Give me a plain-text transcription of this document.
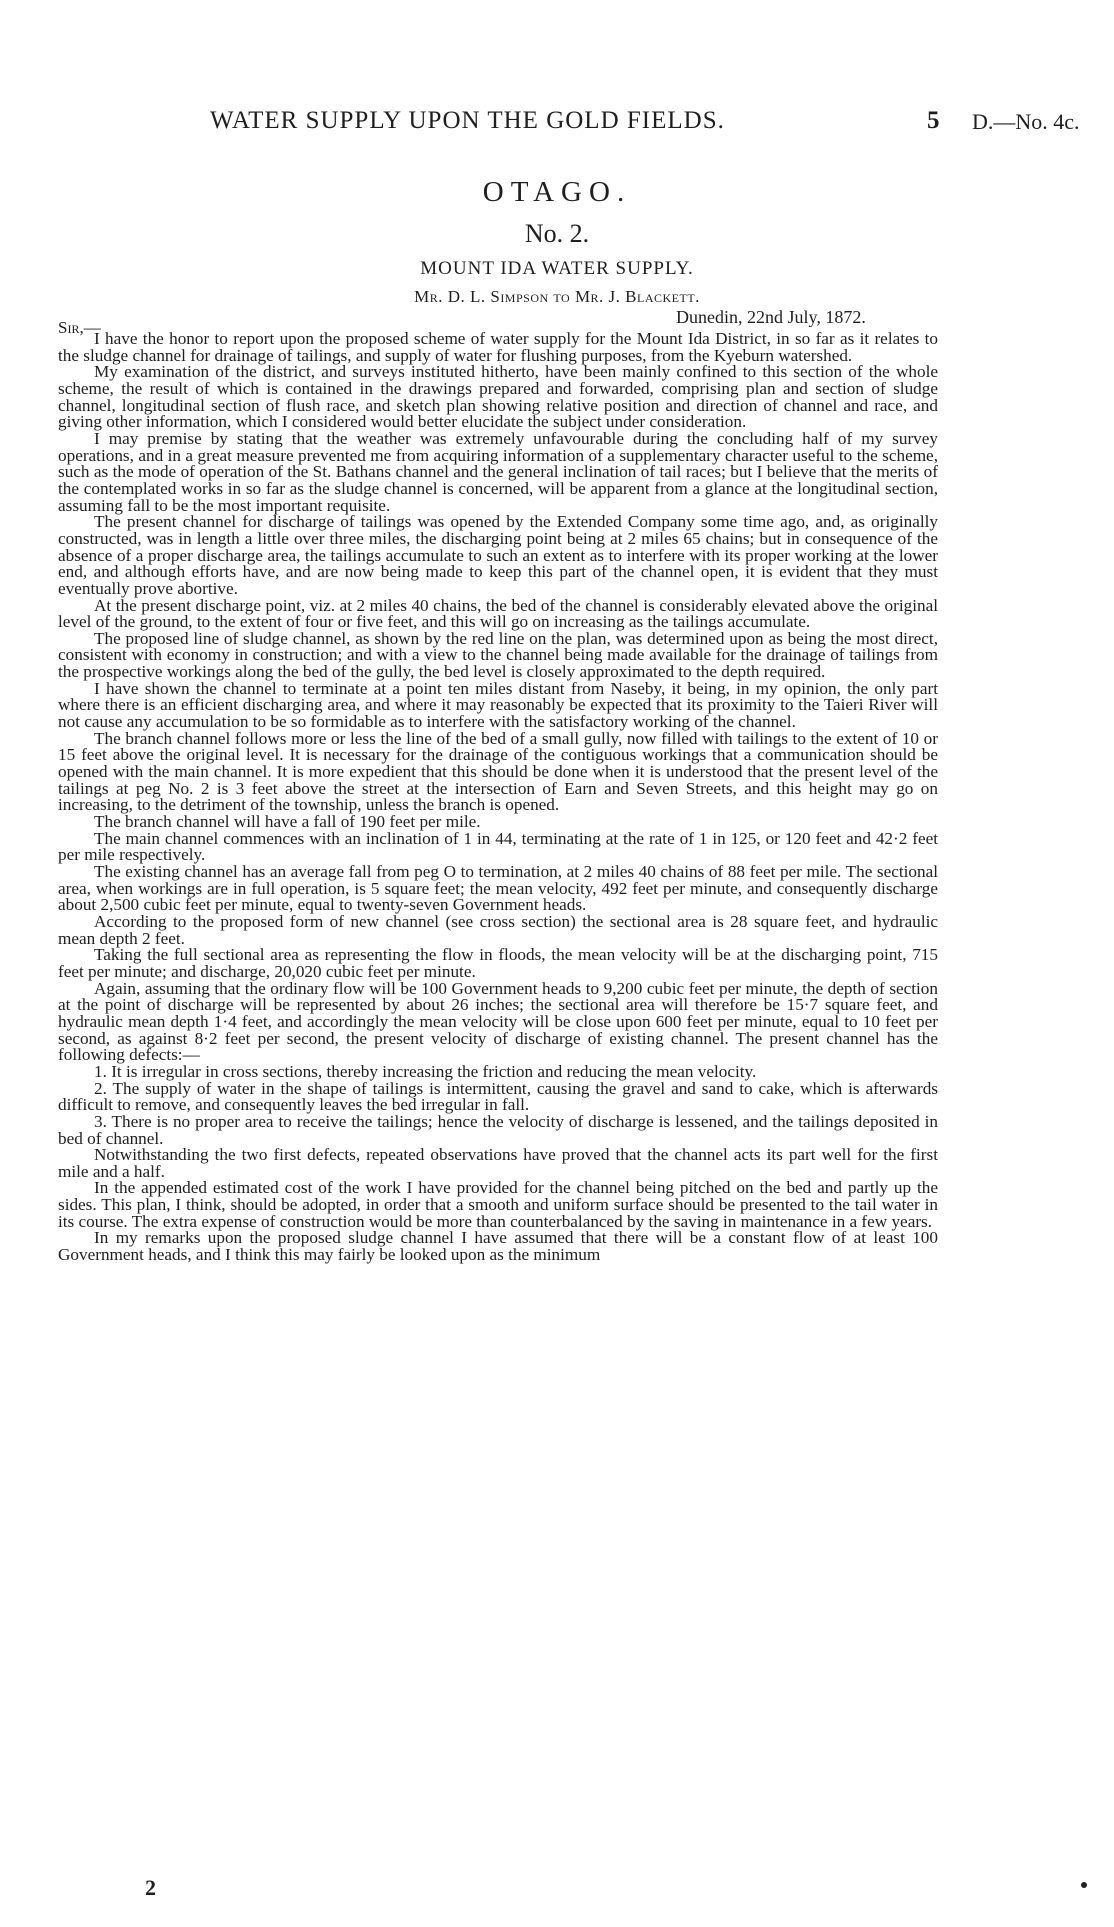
WATER SUPPLY UPON THE GOLD FIELDS.	5 D.—No. 4c.
OTAGO.
No. 2.
MOUNT IDA WATER SUPPLY.
Mr. D. L. Simpson to Mr. J. Blackett.
Dunedin, 22nd July, 1872.
Sir,—

I have the honor to report upon the proposed scheme of water supply for the Mount Ida District, in so far as it relates to the sludge channel for drainage of tailings, and supply of water for flushing purposes, from the Kyeburn watershed.

My examination of the district, and surveys instituted hitherto, have been mainly confined to this section of the whole scheme, the result of which is contained in the drawings prepared and forwarded, comprising plan and section of sludge channel, longitudinal section of flush race, and sketch plan showing relative position and direction of channel and race, and giving other information, which I considered would better elucidate the subject under consideration.

I may premise by stating that the weather was extremely unfavourable during the concluding half of my survey operations, and in a great measure prevented me from acquiring information of a supplementary character useful to the scheme, such as the mode of operation of the St. Bathans channel and the general inclination of tail races; but I believe that the merits of the contemplated works in so far as the sludge channel is concerned, will be apparent from a glance at the longitudinal section, assuming fall to be the most important requisite.

The present channel for discharge of tailings was opened by the Extended Company some time ago, and, as originally constructed, was in length a little over three miles, the discharging point being at 2 miles 65 chains; but in consequence of the absence of a proper discharge area, the tailings accumulate to such an extent as to interfere with its proper working at the lower end, and although efforts have, and are now being made to keep this part of the channel open, it is evident that they must eventually prove abortive.

At the present discharge point, viz. at 2 miles 40 chains, the bed of the channel is considerably elevated above the original level of the ground, to the extent of four or five feet, and this will go on increasing as the tailings accumulate.

The proposed line of sludge channel, as shown by the red line on the plan, was determined upon as being the most direct, consistent with economy in construction; and with a view to the channel being made available for the drainage of tailings from the prospective workings along the bed of the gully, the bed level is closely approximated to the depth required.

I have shown the channel to terminate at a point ten miles distant from Naseby, it being, in my opinion, the only part where there is an efficient discharging area, and where it may reasonably be expected that its proximity to the Taieri River will not cause any accumulation to be so formidable as to interfere with the satisfactory working of the channel.

The branch channel follows more or less the line of the bed of a small gully, now filled with tailings to the extent of 10 or 15 feet above the original level. It is necessary for the drainage of the contiguous workings that a communication should be opened with the main channel. It is more expedient that this should be done when it is understood that the present level of the tailings at peg No. 2 is 3 feet above the street at the intersection of Earn and Seven Streets, and this height may go on increasing, to the detriment of the township, unless the branch is opened.

The branch channel will have a fall of 190 feet per mile.

The main channel commences with an inclination of 1 in 44, terminating at the rate of 1 in 125, or 120 feet and 42·2 feet per mile respectively.

The existing channel has an average fall from peg O to termination, at 2 miles 40 chains of 88 feet per mile. The sectional area, when workings are in full operation, is 5 square feet; the mean velocity, 492 feet per minute, and consequently discharge about 2,500 cubic feet per minute, equal to twenty-seven Government heads.

According to the proposed form of new channel (see cross section) the sectional area is 28 square feet, and hydraulic mean depth 2 feet.

Taking the full sectional area as representing the flow in floods, the mean velocity will be at the discharging point, 715 feet per minute; and discharge, 20,020 cubic feet per minute.

Again, assuming that the ordinary flow will be 100 Government heads to 9,200 cubic feet per minute, the depth of section at the point of discharge will be represented by about 26 inches; the sectional area will therefore be 15·7 square feet, and hydraulic mean depth 1·4 feet, and accordingly the mean velocity will be close upon 600 feet per minute, equal to 10 feet per second, as against 8·2 feet per second, the present velocity of discharge of existing channel. The present channel has the following defects:—

1. It is irregular in cross sections, thereby increasing the friction and reducing the mean velocity.

2. The supply of water in the shape of tailings is intermittent, causing the gravel and sand to cake, which is afterwards difficult to remove, and consequently leaves the bed irregular in fall.

3. There is no proper area to receive the tailings; hence the velocity of discharge is lessened, and the tailings deposited in bed of channel.

Notwithstanding the two first defects, repeated observations have proved that the channel acts its part well for the first mile and a half.

In the appended estimated cost of the work I have provided for the channel being pitched on the bed and partly up the sides. This plan, I think, should be adopted, in order that a smooth and uniform surface should be presented to the tail water in its course. The extra expense of construction would be more than counterbalanced by the saving in maintenance in a few years.

In my remarks upon the proposed sludge channel I have assumed that there will be a constant flow of at least 100 Government heads, and I think this may fairly be looked upon as the minimum

2
